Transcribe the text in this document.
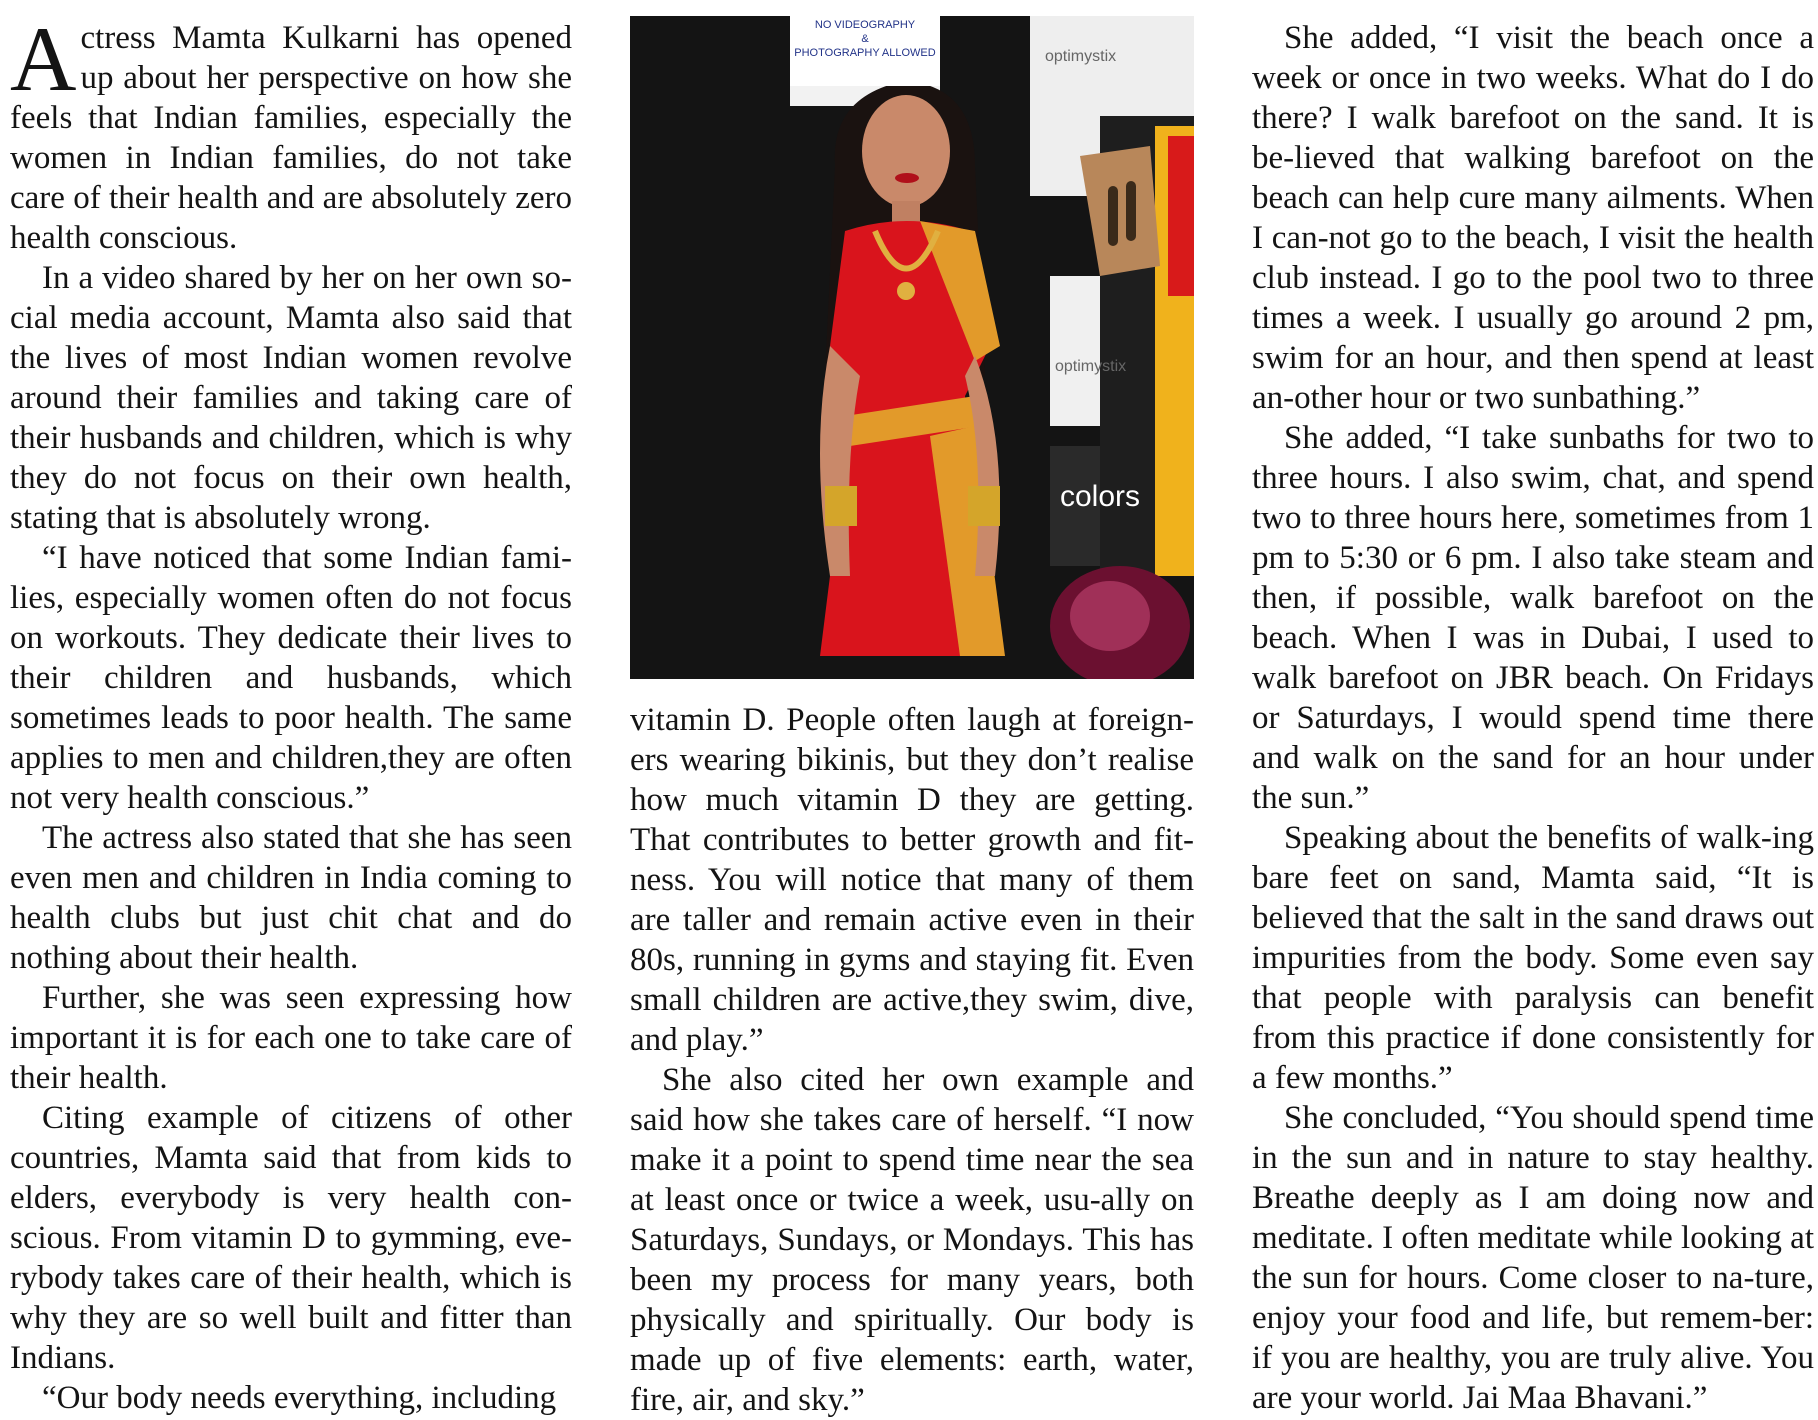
Actress Mamta Kulkarni has opened up about her perspective on how she feels that Indian families, especially the women in Indian families, do not take care of their health and are absolutely zero health conscious.

In a video shared by her on her own so-cial media account, Mamta also said that the lives of most Indian women revolve around their families and taking care of their husbands and children, which is why they do not focus on their own health, stating that is absolutely wrong.

“I have noticed that some Indian fami-lies, especially women often do not focus on workouts. They dedicate their lives to their children and husbands, which sometimes leads to poor health. The same applies to men and children,they are often not very health conscious.”

The actress also stated that she has seen even men and children in India coming to health clubs but just chit chat and do nothing about their health.

Further, she was seen expressing how important it is for each one to take care of their health.

Citing example of citizens of other countries, Mamta said that from kids to elders, everybody is very health con-scious. From vitamin D to gymming, eve-rybody takes care of their health, which is why they are so well built and fitter than Indians.

“Our body needs everything, including

NO VIDEOGRAPHY
&
PHOTOGRAPHY ALLOWED	optimystix
optimystix
colors

vitamin D. People often laugh at foreign-ers wearing bikinis, but they don’t realise how much vitamin D they are getting. That contributes to better growth and fit-ness. You will notice that many of them are taller and remain active even in their 80s, running in gyms and staying fit. Even small children are active,they swim, dive, and play.”

She also cited her own example and said how she takes care of herself. “I now make it a point to spend time near the sea at least once or twice a week, usu-ally on Saturdays, Sundays, or Mondays. This has been my process for many years, both physically and spiritually. Our body is made up of five elements: earth, water, fire, air, and sky.”

She added, “I visit the beach once a week or once in two weeks. What do I do there? I walk barefoot on the sand. It is be-lieved that walking barefoot on the beach can help cure many ailments. When I can-not go to the beach, I visit the health club instead. I go to the pool two to three times a week. I usually go around 2 pm, swim for an hour, and then spend at least an-other hour or two sunbathing.”

She added, “I take sunbaths for two to three hours. I also swim, chat, and spend two to three hours here, sometimes from 1 pm to 5:30 or 6 pm. I also take steam and then, if possible, walk barefoot on the beach. When I was in Dubai, I used to walk barefoot on JBR beach. On Fridays or Saturdays, I would spend time there and walk on the sand for an hour under the sun.”

Speaking about the benefits of walk-ing bare feet on sand, Mamta said, “It is believed that the salt in the sand draws out impurities from the body. Some even say that people with paralysis can benefit from this practice if done consistently for a few months.”

She concluded, “You should spend time in the sun and in nature to stay healthy. Breathe deeply as I am doing now and meditate. I often meditate while looking at the sun for hours. Come closer to na-ture, enjoy your food and life, but remem-ber: if you are healthy, you are truly alive. You are your world. Jai Maa Bhavani.”
